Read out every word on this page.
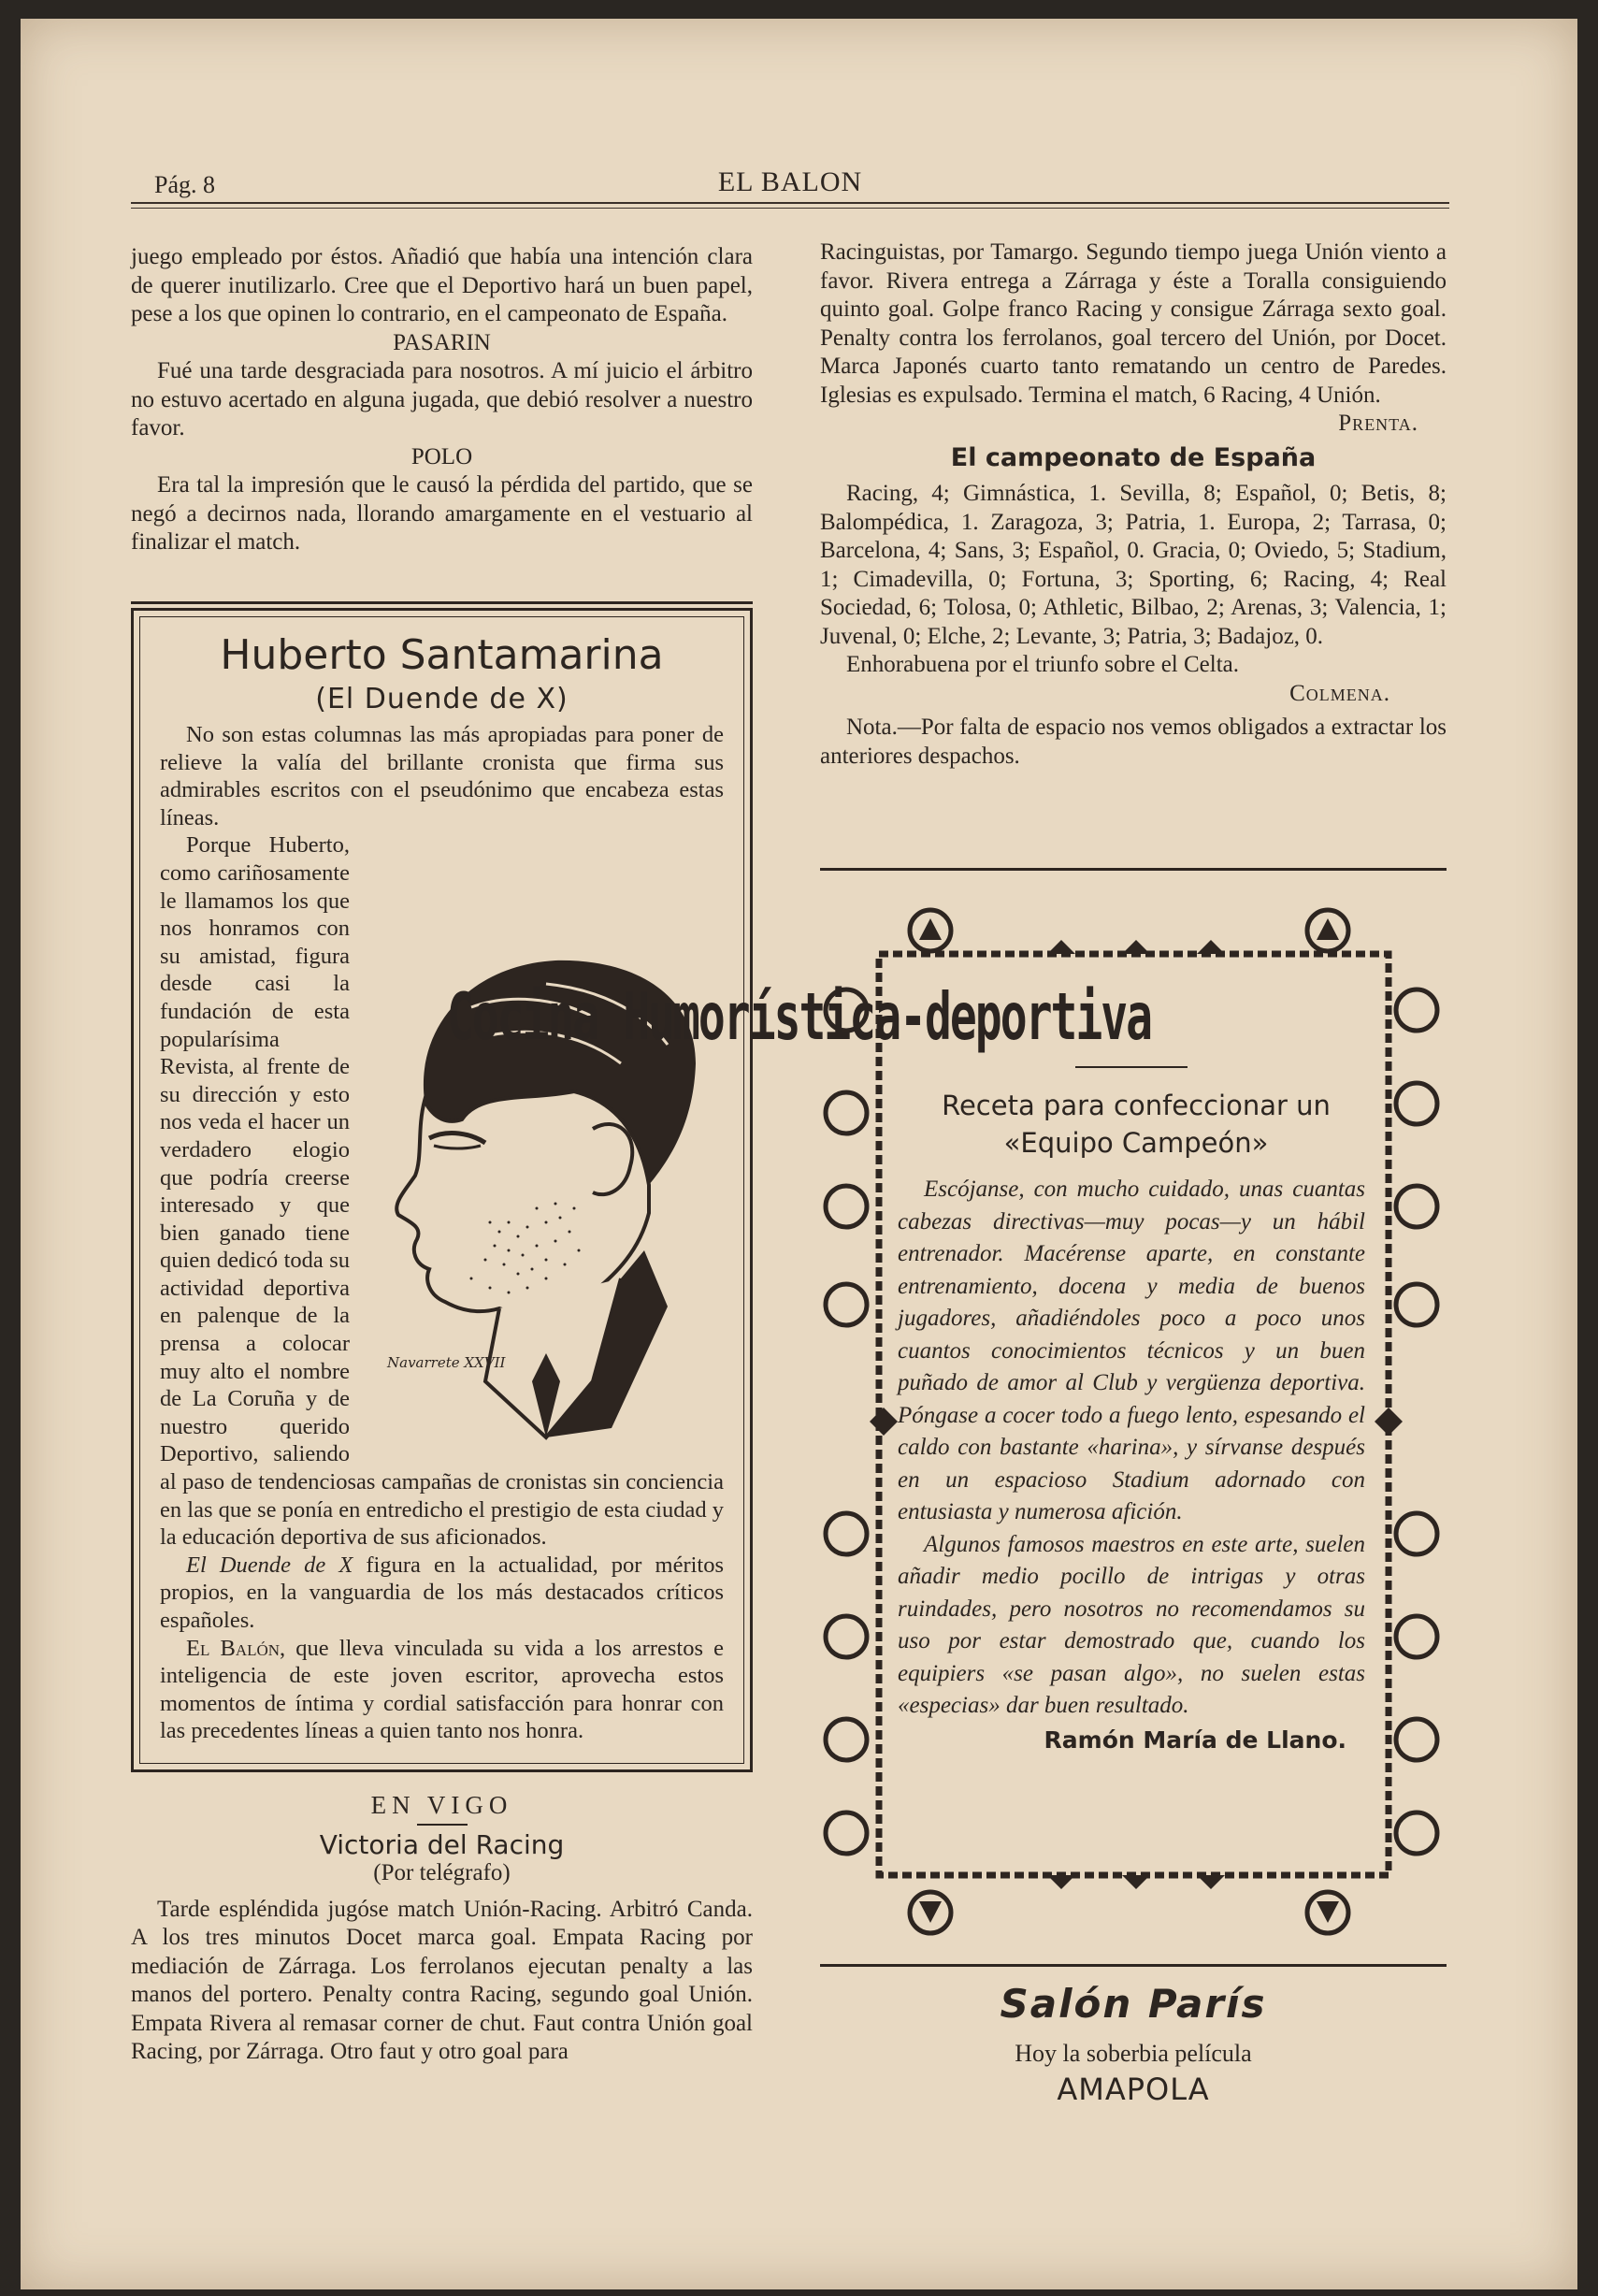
Pág. 8	EL BALON

juego empleado por éstos. Añadió que había una intención clara de querer inutilizarlo. Cree que el Deportivo hará un buen papel, pese a los que opinen lo contrario, en el campeonato de España.

PASARIN

Fué una tarde desgraciada para nosotros. A mí juicio el árbitro no estuvo acertado en alguna jugada, que debió resolver a nuestro favor.

POLO

Era tal la impresión que le causó la pérdida del partido, que se negó a decirnos nada, llorando amargamente en el vestuario al finalizar el match.

Huberto Santamarina
(El Duende de X)

No son estas columnas las más apropiadas para poner de relieve la valía del brillante cronista que firma sus admirables escritos con el pseudónimo que encabeza estas líneas.

Navarrete XXVII

Porque Huberto, como cariñosamente le llamamos los que nos honramos con su amistad, figura desde casi la fundación de esta popularísima Revista, al frente de su dirección y esto nos veda el hacer un verdadero elogio que podría creerse interesado y que bien ganado tiene quien dedicó toda su actividad deportiva en palenque de la prensa a colocar muy alto el nombre de La Coruña y de nuestro querido Deportivo, saliendo al paso de tendenciosas campañas de cronistas sin conciencia en las que se ponía en entredicho el prestigio de esta ciudad y la educación deportiva de sus aficionados.

El Duende de X figura en la actualidad, por méritos propios, en la vanguardia de los más destacados críticos españoles.

El Balón, que lleva vinculada su vida a los arrestos e inteligencia de este joven escritor, aprovecha estos momentos de íntima y cordial satisfacción para honrar con las precedentes líneas a quien tanto nos honra.

EN VIGO

Victoria del Racing

(Por telégrafo)

Tarde espléndida jugóse match Unión-Racing. Arbitró Canda. A los tres minutos Docet marca goal. Empata Racing por mediación de Zárraga. Los ferrolanos ejecutan penalty a las manos del portero. Penalty contra Racing, segundo goal Unión. Empata Rivera al remasar corner de chut. Faut contra Unión goal Racing, por Zárraga. Otro faut y otro goal para

Racinguistas, por Tamargo. Segundo tiempo juega Unión viento a favor. Rivera entrega a Zárraga y éste a Toralla consiguiendo quinto goal. Golpe franco Racing y consigue Zárraga sexto goal. Penalty contra los ferrolanos, goal tercero del Unión, por Docet. Marca Japonés cuarto tanto rematando un centro de Paredes. Iglesias es expulsado. Termina el match, 6 Racing, 4 Unión.

Prenta.

El campeonato de España

Racing, 4; Gimnástica, 1. Sevilla, 8; Español, 0; Betis, 8; Balompédica, 1. Zaragoza, 3; Patria, 1. Europa, 2; Tarrasa, 0; Barcelona, 4; Sans, 3; Español, 0. Gracia, 0; Oviedo, 5; Stadium, 1; Cimadevilla, 0; Fortuna, 3; Sporting, 6; Racing, 4; Real Sociedad, 6; Tolosa, 0; Athletic, Bilbao, 2; Arenas, 3; Valencia, 1; Juvenal, 0; Elche, 2; Levante, 3; Patria, 3; Badajoz, 0.

Enhorabuena por el triunfo sobre el Celta.

Colmena.

Nota.—Por falta de espacio nos vemos obligados a extractar los anteriores despachos.

Cocina Humorística-deportiva
Receta para confeccionar un
«Equipo Campeón»

Escójanse, con mucho cuidado, unas cuantas cabezas directivas—muy pocas—y un hábil entrenador. Macérense aparte, en constante entrenamiento, docena y media de buenos jugadores, añadiéndoles poco a poco unos cuantos conocimientos técnicos y un buen puñado de amor al Club y vergüenza deportiva. Póngase a cocer todo a fuego lento, espesando el caldo con bastante «harina», y sírvanse después en un espacioso Stadium adornado con entusiasta y numerosa afición.

Algunos famosos maestros en este arte, suelen añadir medio pocillo de intrigas y otras ruindades, pero nosotros no recomendamos su uso por estar demostrado que, cuando los equipiers «se pasan algo», no suelen estas «especias» dar buen resultado.

Ramón María de Llano.

Salón París
Hoy la soberbia película
AMAPOLA
